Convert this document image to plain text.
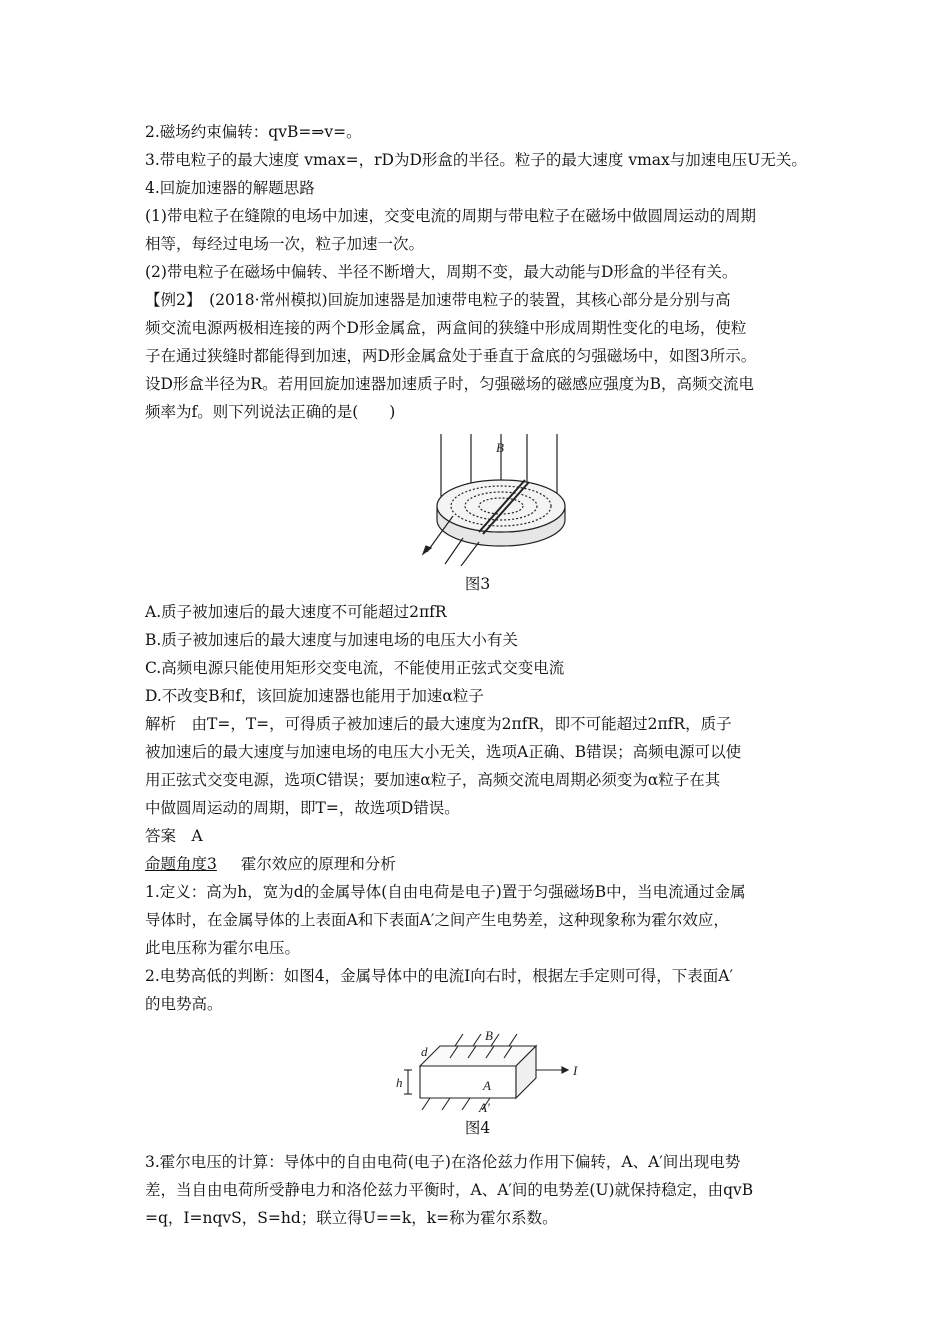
2.磁场约束偏转：qvB=⇒v=。

3.带电粒子的最大速度 vmax=，rD为D形盒的半径。粒子的最大速度 vmax与加速电压U无关。

4.回旋加速器的解题思路

(1)带电粒子在缝隙的电场中加速，交变电流的周期与带电粒子在磁场中做圆周运动的周期

相等，每经过电场一次，粒子加速一次。

(2)带电粒子在磁场中偏转、半径不断增大，周期不变，最大动能与D形盒的半径有关。

【例2】　(2018·常州模拟)回旋加速器是加速带电粒子的装置，其核心部分是分别与高

频交流电源两极相连接的两个D形金属盒，两盒间的狭缝中形成周期性变化的电场，使粒

子在通过狭缝时都能得到加速，两D形金属盒处于垂直于盒底的匀强磁场中，如图3所示。

设D形盒半径为R。若用回旋加速器加速质子时，匀强磁场的磁感应强度为B，高频交流电

频率为f。则下列说法正确的是(　　)

B

图3

A.质子被加速后的最大速度不可能超过2πfR

B.质子被加速后的最大速度与加速电场的电压大小有关

C.高频电源只能使用矩形交变电流，不能使用正弦式交变电流

D.不改变B和f，该回旋加速器也能用于加速α粒子

解析　由T=，T=，可得质子被加速后的最大速度为2πfR，即不可能超过2πfR，质子

被加速后的最大速度与加速电场的电压大小无关，选项A正确、B错误；高频电源可以使

用正弦式交变电源，选项C错误；要加速α粒子，高频交流电周期必须变为α粒子在其

中做圆周运动的周期，即T=，故选项D错误。

答案　A

命题角度3 霍尔效应的原理和分析

1.定义：高为h，宽为d的金属导体(自由电荷是电子)置于匀强磁场B中，当电流通过金属

导体时，在金属导体的上表面A和下表面A′之间产生电势差，这种现象称为霍尔效应，

此电压称为霍尔电压。

2.电势高低的判断：如图4，金属导体中的电流I向右时，根据左手定则可得，下表面A′

的电势高。

B
d
h	A
A′
I

图4

3.霍尔电压的计算：导体中的自由电荷(电子)在洛伦兹力作用下偏转，A、A′间出现电势

差，当自由电荷所受静电力和洛伦兹力平衡时，A、A′间的电势差(U)就保持稳定，由qvB

=q，I=nqvS，S=hd；联立得U==k，k=称为霍尔系数。
